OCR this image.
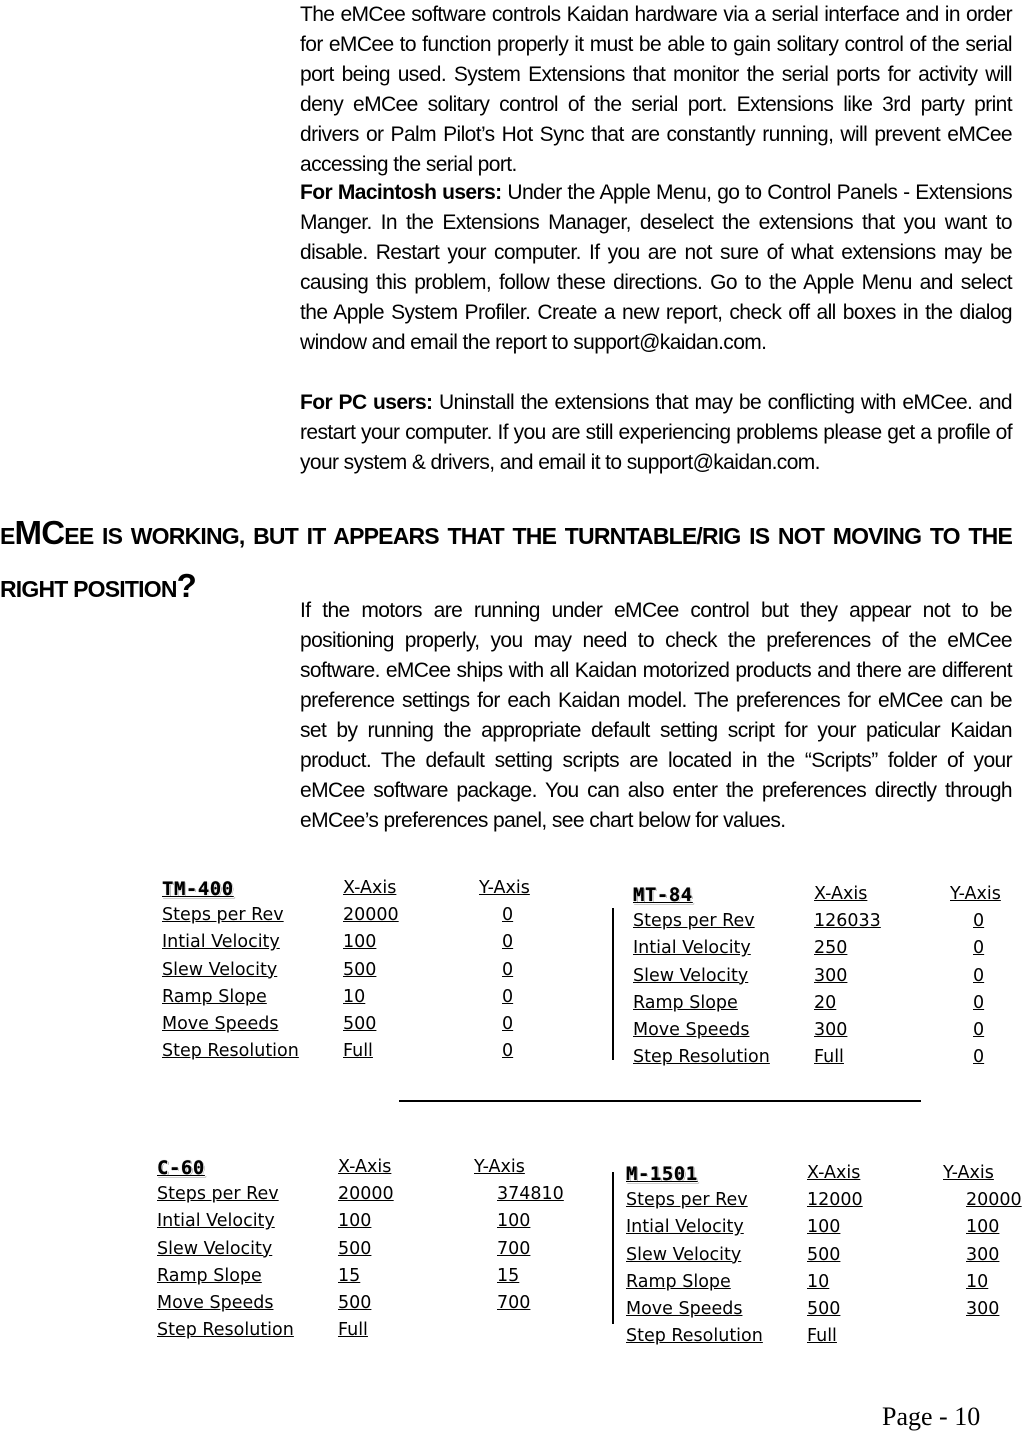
The eMCee software controls Kaidan hardware via a serial interface and in order for eMCee to function properly it must be able to gain solitary control of the serial port being used. System Extensions that monitor the serial ports for activity will deny eMCee solitary control of the serial port. Extensions like 3rd party print drivers or Palm Pilot’s Hot Sync that are constantly running, will prevent eMCee accessing the serial port.

For Macintosh users: Under the Apple Menu, go to Control Panels - Extensions Manger. In the Extensions Manager, deselect the extensions that you want to disable. Restart your computer. If you are not sure of what extensions may be causing this problem, follow these directions. Go to the Apple Menu and select the Apple System Profiler. Create a new report, check off all boxes in the dialog window and email the report to support@kaidan.com.

For PC users: Uninstall the extensions that may be conflicting with eMCee. and restart your computer. If you are still experiencing problems please get a profile of your system & drivers, and email it to support@kaidan.com.

EMCEE IS WORKING, BUT IT APPEARS THAT THE TURNTABLE/RIG IS NOT MOVING TO THE RIGHT POSITION?

If the motors are running under eMCee control but they appear not to be positioning properly, you may need to check the preferences of the eMCee software. eMCee ships with all Kaidan motorized products and there are different preference settings for each Kaidan model. The preferences for eMCee can be set by running the appropriate default setting script for your paticular Kaidan product. The default setting scripts are located in the “Scripts” folder of your eMCee software package. You can also enter the preferences directly through eMCee’s preferences panel, see chart below for values.

TM-400	X-Axis	Y-Axis
Steps per Rev	20000	0
Intial Velocity	100	0
Slew Velocity	500	0
Ramp Slope	10	0
Move Speeds	500	0
Step Resolution	Full	0
MT-84	X-Axis	Y-Axis
Steps per Rev	126033	0
Intial Velocity	250	0
Slew Velocity	300	0
Ramp Slope	20	0
Move Speeds	300	0
Step Resolution	Full	0
C-60	X-Axis	Y-Axis
Steps per Rev	20000	374810
Intial Velocity	100	100
Slew Velocity	500	700
Ramp Slope	15	15
Move Speeds	500	700
Step Resolution	Full
M-1501	X-Axis	Y-Axis
Steps per Rev	12000	20000
Intial Velocity	100	100
Slew Velocity	500	300
Ramp Slope	10	10
Move Speeds	500	300
Step Resolution	Full
Page - 10
